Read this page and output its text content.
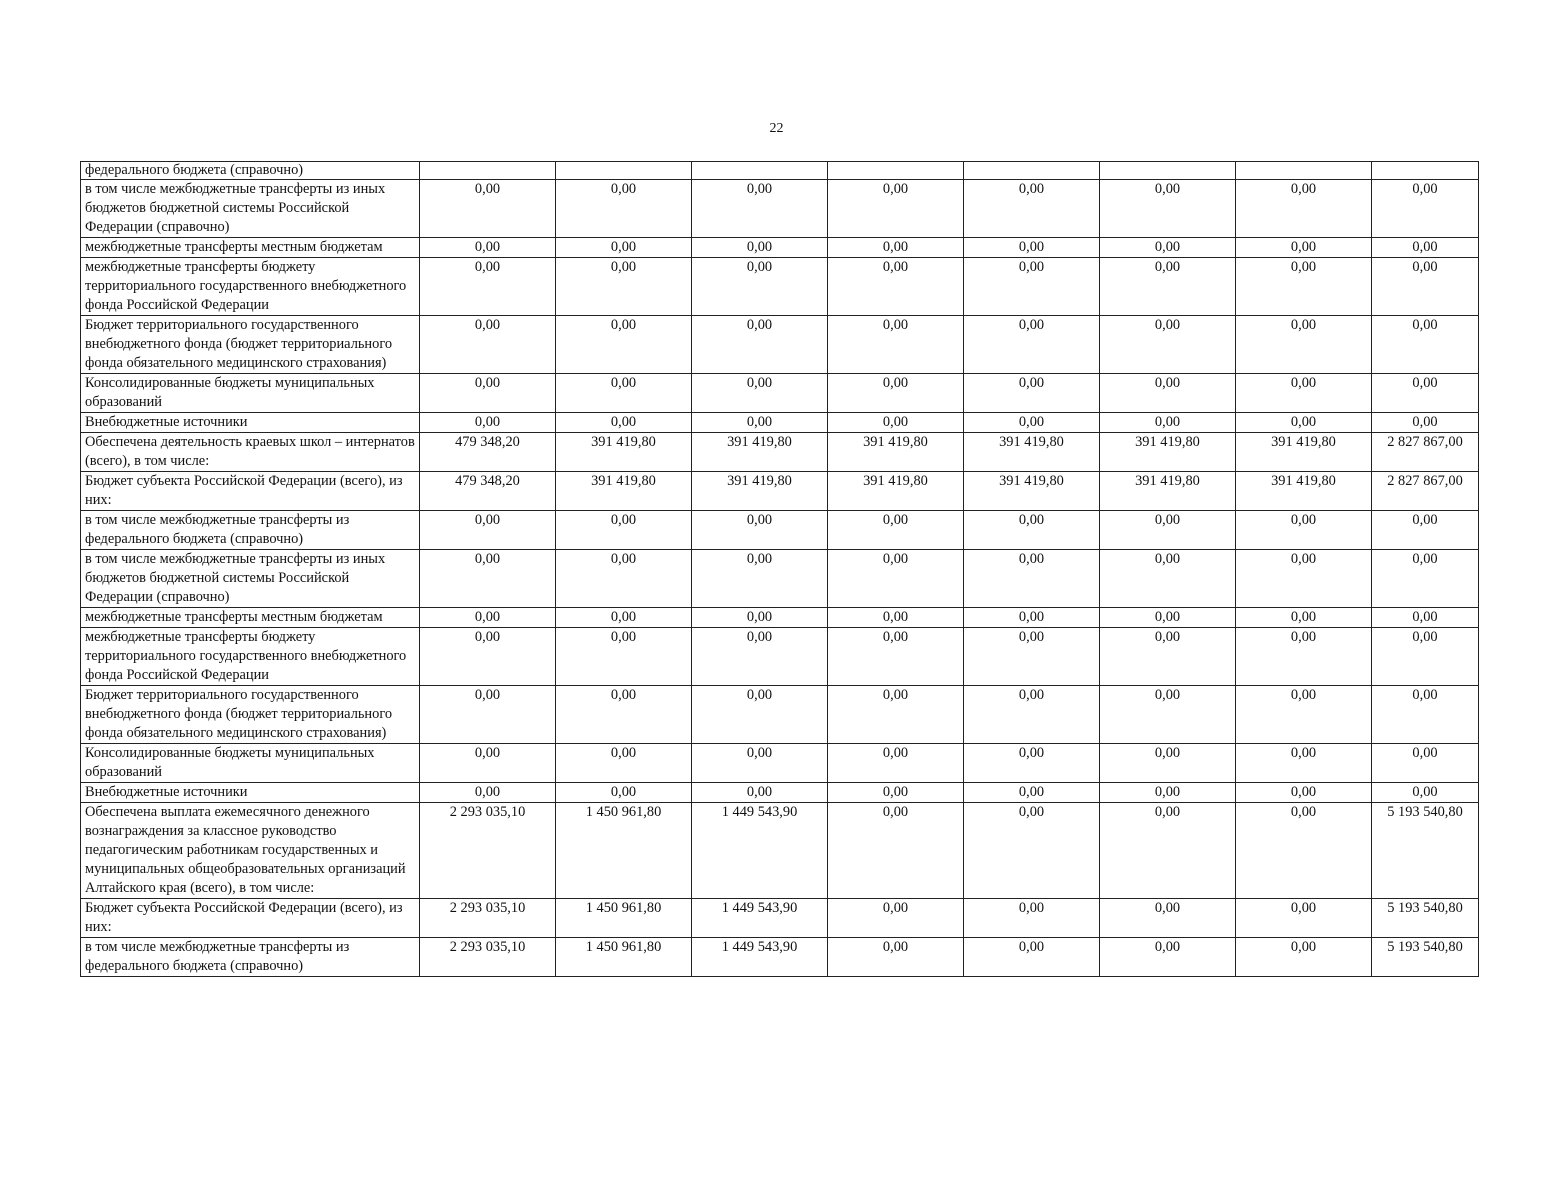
22
федерального бюджета (справочно)								
в том числе межбюджетные трансферты из иных бюджетов бюджетной системы Российской Федерации (справочно)	0,00	0,00	0,00	0,00	0,00	0,00	0,00	0,00
межбюджетные трансферты местным бюджетам	0,00	0,00	0,00	0,00	0,00	0,00	0,00	0,00
межбюджетные трансферты бюджету территориального государственного внебюджетного фонда Российской Федерации	0,00	0,00	0,00	0,00	0,00	0,00	0,00	0,00
Бюджет территориального государственного внебюджетного фонда (бюджет территориального фонда обязательного медицинского страхования)	0,00	0,00	0,00	0,00	0,00	0,00	0,00	0,00
Консолидированные бюджеты муниципальных образований	0,00	0,00	0,00	0,00	0,00	0,00	0,00	0,00
Внебюджетные источники	0,00	0,00	0,00	0,00	0,00	0,00	0,00	0,00
Обеспечена деятельность краевых школ – интернатов (всего), в том числе:	479 348,20	391 419,80	391 419,80	391 419,80	391 419,80	391 419,80	391 419,80	2 827 867,00
Бюджет субъекта Российской Федерации (всего), из них:	479 348,20	391 419,80	391 419,80	391 419,80	391 419,80	391 419,80	391 419,80	2 827 867,00
в том числе межбюджетные трансферты из федерального бюджета (справочно)	0,00	0,00	0,00	0,00	0,00	0,00	0,00	0,00
в том числе межбюджетные трансферты из иных бюджетов бюджетной системы Российской Федерации (справочно)	0,00	0,00	0,00	0,00	0,00	0,00	0,00	0,00
межбюджетные трансферты местным бюджетам	0,00	0,00	0,00	0,00	0,00	0,00	0,00	0,00
межбюджетные трансферты бюджету территориального государственного внебюджетного фонда Российской Федерации	0,00	0,00	0,00	0,00	0,00	0,00	0,00	0,00
Бюджет территориального государственного внебюджетного фонда (бюджет территориального фонда обязательного медицинского страхования)	0,00	0,00	0,00	0,00	0,00	0,00	0,00	0,00
Консолидированные бюджеты муниципальных образований	0,00	0,00	0,00	0,00	0,00	0,00	0,00	0,00
Внебюджетные источники	0,00	0,00	0,00	0,00	0,00	0,00	0,00	0,00
Обеспечена выплата ежемесячного денежного вознаграждения за классное руководство педагогическим работникам государственных и муниципальных общеобразовательных организаций Алтайского края (всего), в том числе:	2 293 035,10	1 450 961,80	1 449 543,90	0,00	0,00	0,00	0,00	5 193 540,80
Бюджет субъекта Российской Федерации (всего), из них:	2 293 035,10	1 450 961,80	1 449 543,90	0,00	0,00	0,00	0,00	5 193 540,80
в том числе межбюджетные трансферты из федерального бюджета (справочно)	2 293 035,10	1 450 961,80	1 449 543,90	0,00	0,00	0,00	0,00	5 193 540,80
